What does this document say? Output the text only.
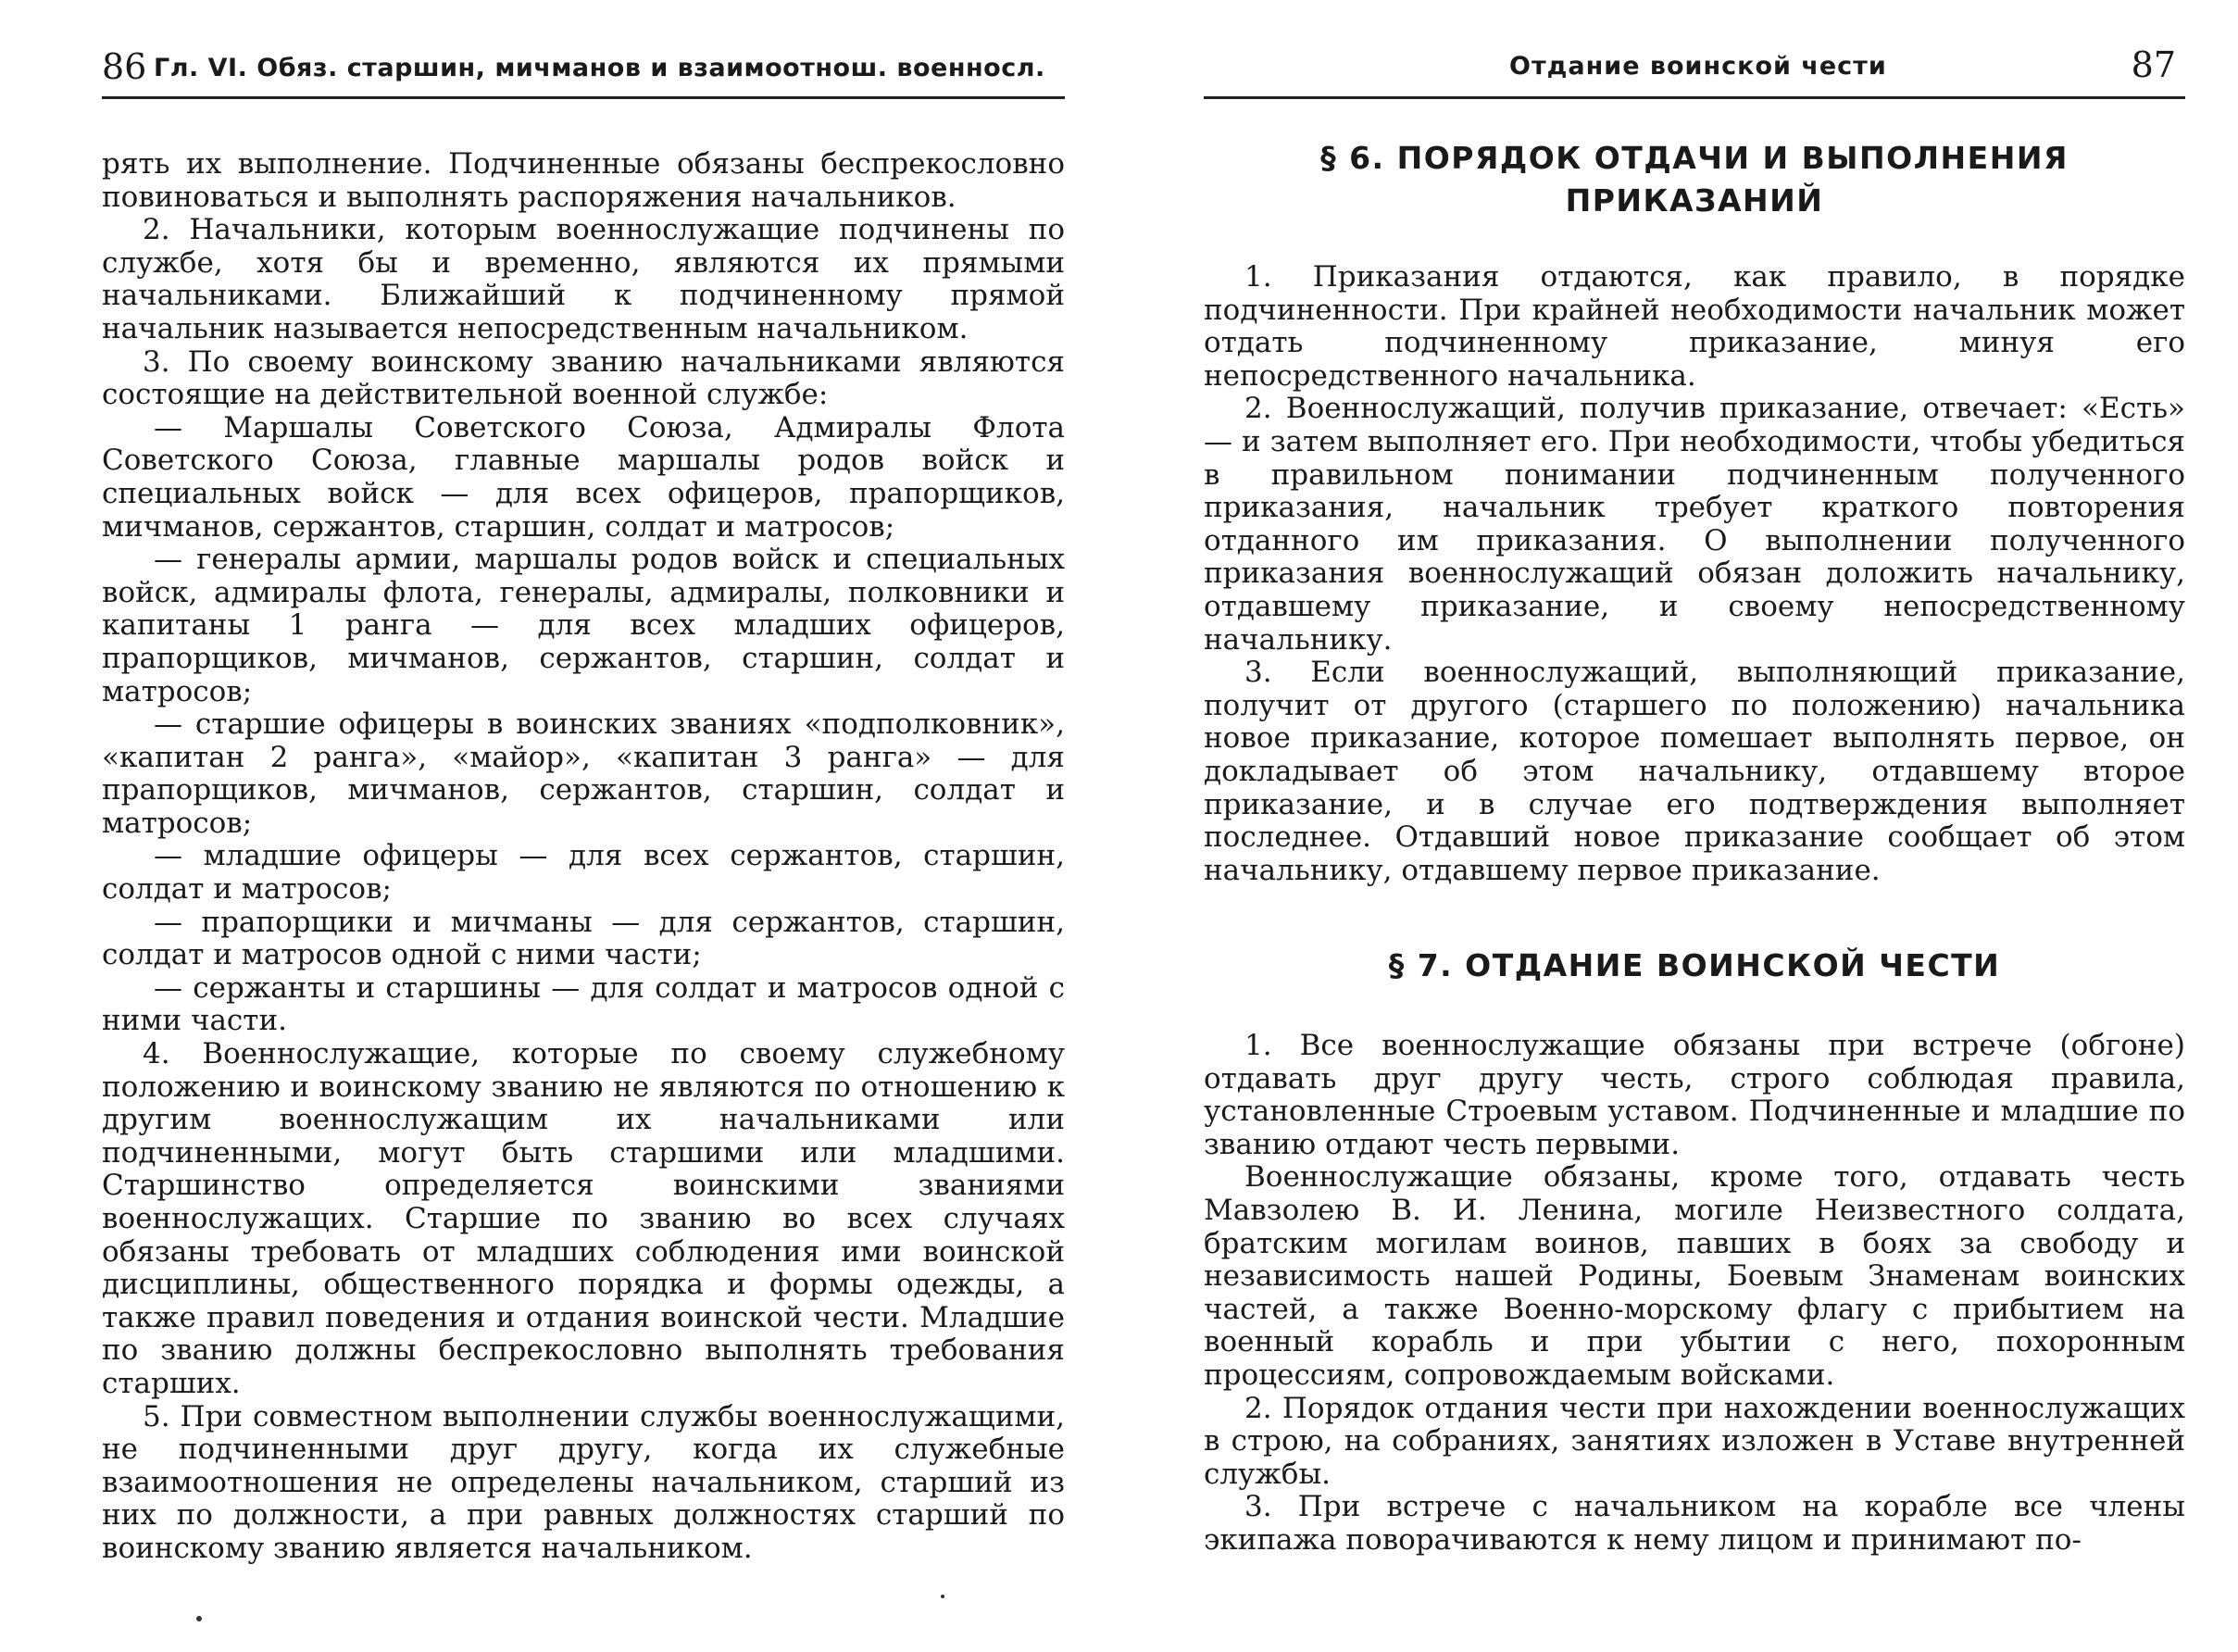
86 Гл. VI. Обяз. старшин, мичманов и взаимоотнош. военносл.

рять их выполнение. Подчиненные обязаны беспрекословно повиноваться и выполнять распоряжения начальников.

2. Начальники, которым военнослужащие подчинены по службе, хотя бы и временно, являются их прямыми начальниками. Ближайший к подчиненному прямой начальник называется непосредственным начальником.

3. По своему воинскому званию начальниками являются состоящие на действительной военной службе:

— Маршалы Советского Союза, Адмиралы Флота Советского Союза, главные маршалы родов войск и специальных войск — для всех офицеров, прапорщиков, мичманов, сержантов, старшин, солдат и матросов;

— генералы армии, маршалы родов войск и специальных войск, адмиралы флота, генералы, адмиралы, полковники и капитаны 1 ранга — для всех младших офицеров, прапорщиков, мичманов, сержантов, старшин, солдат и матросов;

— старшие офицеры в воинских званиях «подполковник», «капитан 2 ранга», «майор», «капитан 3 ранга» — для прапорщиков, мичманов, сержантов, старшин, солдат и матросов;

— младшие офицеры — для всех сержантов, старшин, солдат и матросов;

— прапорщики и мичманы — для сержантов, старшин, солдат и матросов одной с ними части;

— сержанты и старшины — для солдат и матросов одной с ними части.

4. Военнослужащие, которые по своему служебному положению и воинскому званию не являются по отношению к другим военнослужащим их начальниками или подчиненными, могут быть старшими или младшими. Старшинство определяется воинскими званиями военнослужащих. Старшие по званию во всех случаях обязаны требовать от младших соблюдения ими воинской дисциплины, общественного порядка и формы одежды, а также правил поведения и отдания воинской чести. Младшие по званию должны беспрекословно выполнять требования старших.

5. При совместном выполнении службы военнослужащими, не подчиненными друг другу, когда их служебные взаимоотношения не определены начальником, старший из них по должности, а при равных должностях старший по воинскому званию является начальником.

Отдание воинской чести	87
§ 6. ПОРЯДОК ОТДАЧИ И ВЫПОЛНЕНИЯ
ПРИКАЗАНИЙ

1. Приказания отдаются, как правило, в порядке подчиненности. При крайней необходимости начальник может отдать подчиненному приказание, минуя его непосредственного начальника.

2. Военнослужащий, получив приказание, отвечает: «Есть» — и затем выполняет его. При необходимости, чтобы убедиться в правильном понимании подчиненным полученного приказания, начальник требует краткого повторения отданного им приказания. О выполнении полученного приказания военнослужащий обязан доложить начальнику, отдавшему приказание, и своему непосредственному начальнику.

3. Если военнослужащий, выполняющий приказание, получит от другого (старшего по положению) начальника новое приказание, которое помешает выполнять первое, он докладывает об этом начальнику, отдавшему второе приказание, и в случае его подтверждения выполняет последнее. Отдавший новое приказание сообщает об этом начальнику, отдавшему первое приказание.

§ 7. ОТДАНИЕ ВОИНСКОЙ ЧЕСТИ

1. Все военнослужащие обязаны при встрече (обгоне) отдавать друг другу честь, строго соблюдая правила, установленные Строевым уставом. Подчиненные и младшие по званию отдают честь первыми.

Военнослужащие обязаны, кроме того, отдавать честь Мавзолею В. И. Ленина, могиле Неизвестного солдата, братским могилам воинов, павших в боях за свободу и независимость нашей Родины, Боевым Знаменам воинских частей, а также Военно-морскому флагу с прибытием на военный корабль и при убытии с него, похоронным процессиям, сопровождаемым войсками.

2. Порядок отдания чести при нахождении военнослужащих в строю, на собраниях, занятиях изложен в Уставе внутренней службы.

3. При встрече с начальником на корабле все члены экипажа поворачиваются к нему лицом и принимают по-
